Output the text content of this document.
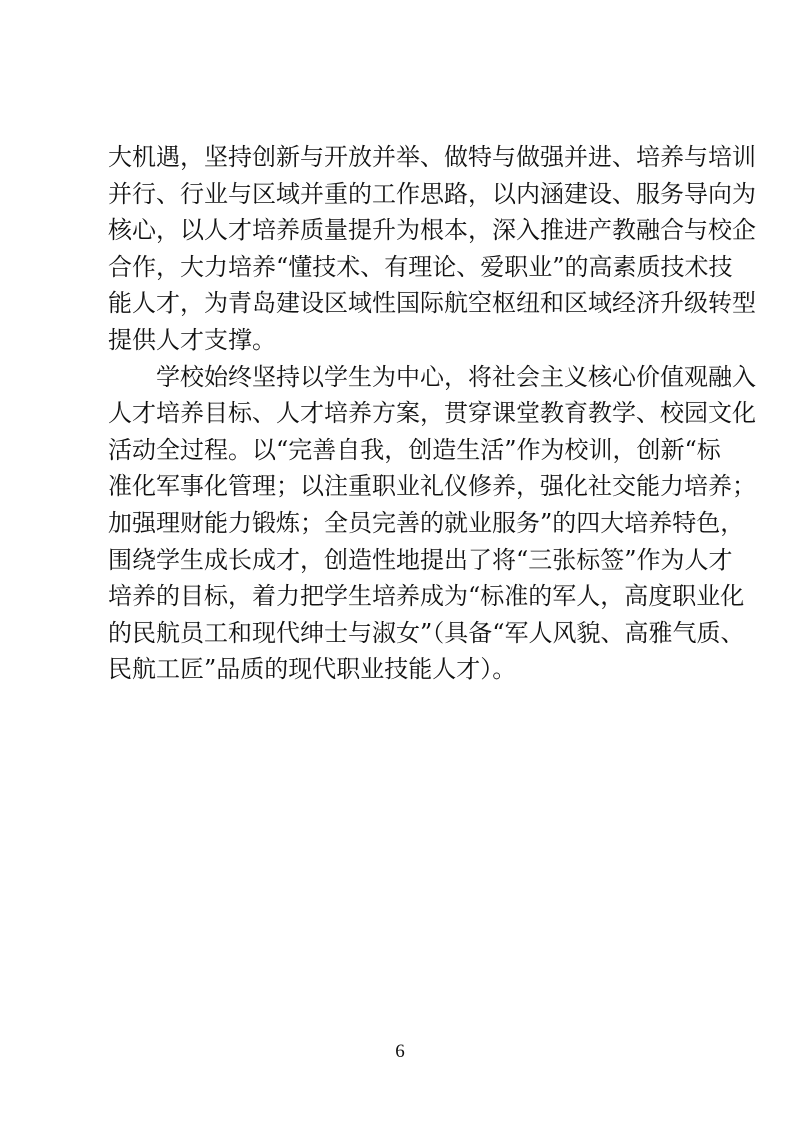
大机遇，坚持创新与开放并举、做特与做强并进、培养与培训
并行、行业与区域并重的工作思路，以内涵建设、服务导向为
核心，以人才培养质量提升为根本，深入推进产教融合与校企
合作，大力培养“懂技术、有理论、爱职业”的高素质技术技
能人才，为青岛建设区域性国际航空枢纽和区域经济升级转型
提供人才支撑。
学校始终坚持以学生为中心，将社会主义核心价值观融入
人才培养目标、人才培养方案，贯穿课堂教育教学、校园文化
活动全过程。以“完善自我，创造生活”作为校训，创新“标
准化军事化管理；以注重职业礼仪修养，强化社交能力培养；
加强理财能力锻炼；全员完善的就业服务”的四大培养特色，
围绕学生成长成才，创造性地提出了将“三张标签”作为人才
培养的目标，着力把学生培养成为“标准的军人，高度职业化
的民航员工和现代绅士与淑女”（具备“军人风貌、高雅气质、
民航工匠”品质的现代职业技能人才）。
6
